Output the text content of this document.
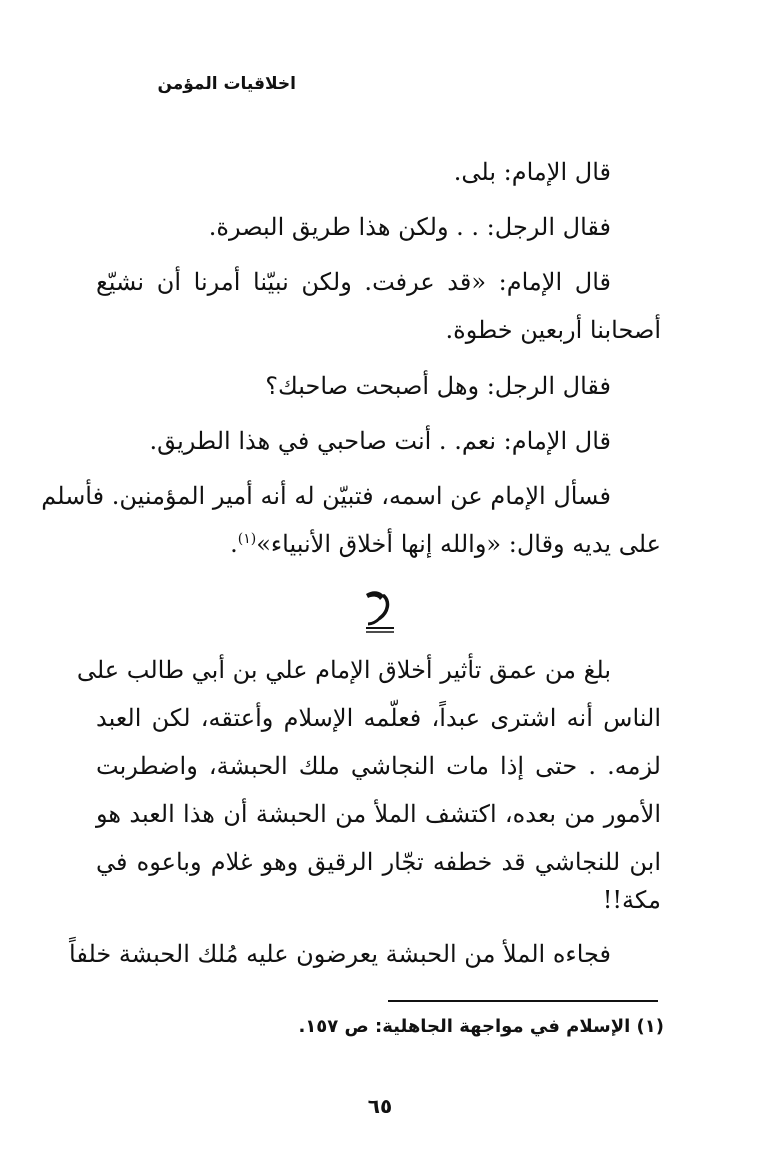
اخلاقيات المؤمن
قال الإمام: بلى.
فقال الرجل: . . ولكن هذا طريق البصرة.
قال الإمام: «قد عرفت. ولكن نبيّنا أمرنا أن نشيّع
أصحابنا أربعين خطوة.
فقال الرجل: وهل أصبحت صاحبك؟
قال الإمام: نعم. . أنت صاحبي في هذا الطريق.
فسأل الإمام عن اسمه، فتبيّن له أنه أمير المؤمنين. فأسلم
على يديه وقال: «والله إنها أخلاق الأنبياء»$^{(١)}$.
بلغ من عمق تأثير أخلاق الإمام علي بن أبي طالب على
الناس أنه اشترى عبداً، فعلّمه الإسلام وأعتقه، لكن العبد
لزمه. . حتى إذا مات النجاشي ملك الحبشة، واضطربت
الأمور من بعده، اكتشف الملأ من الحبشة أن هذا العبد هو
ابن للنجاشي قد خطفه تجّار الرقيق وهو غلام وباعوه في
مكة!!
فجاءه الملأ من الحبشة يعرضون عليه مُلك الحبشة خلفاً
(١) الإسلام في مواجهة الجاهلية: ص ١٥٧.
٦٥
